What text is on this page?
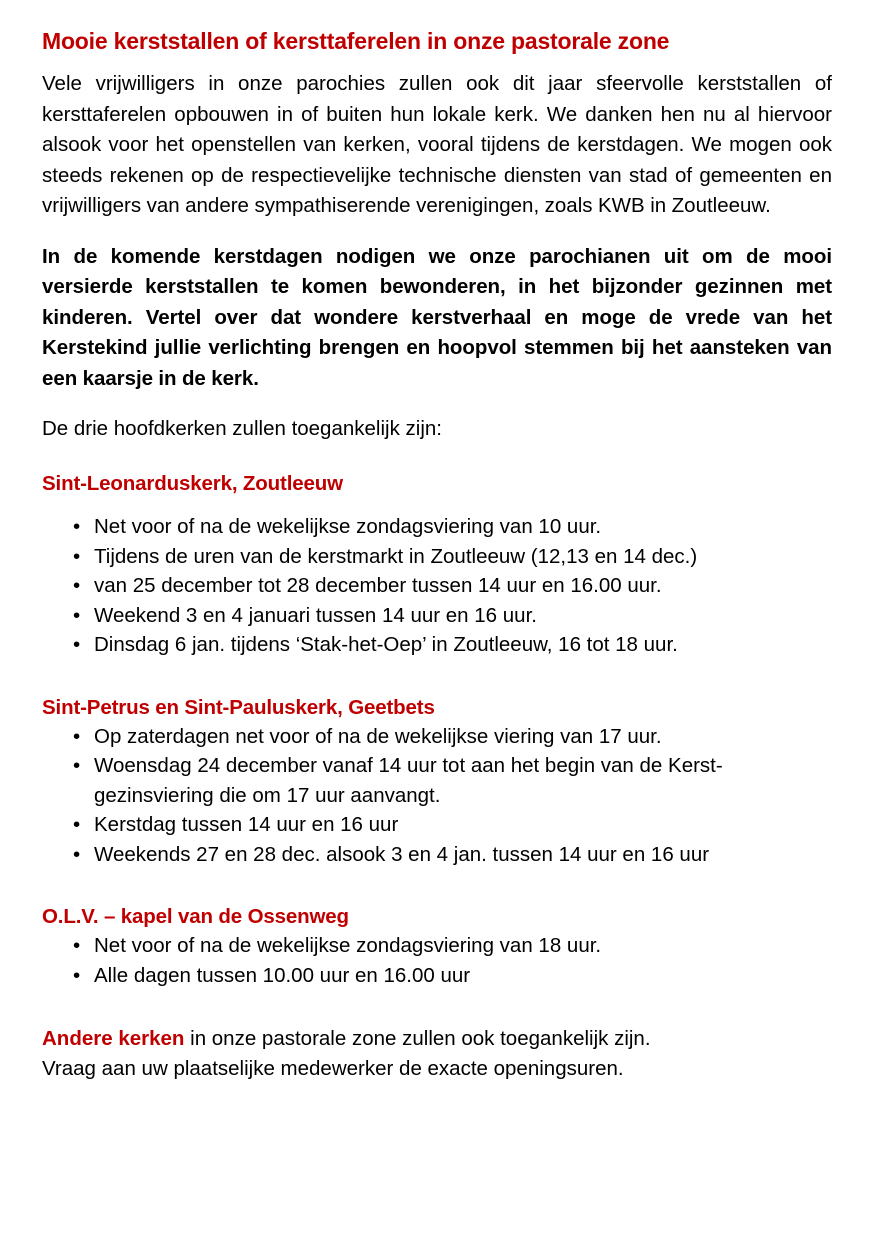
Mooie kerststallen of kersttaferelen in onze pastorale zone

Vele vrijwilligers in onze parochies zullen ook dit jaar sfeervolle kerststallen of kersttaferelen opbouwen in of buiten hun lokale kerk. We danken hen nu al hiervoor alsook voor het openstellen van kerken, vooral tijdens de kerstdagen. We mogen ook steeds rekenen op de respectievelijke technische diensten van stad of gemeenten en vrijwilligers van andere sympathiserende verenigingen, zoals KWB in Zoutleeuw.

In de komende kerstdagen nodigen we onze parochianen uit om de mooi versierde kerststallen te komen bewonderen, in het bijzonder gezinnen met kinderen. Vertel over dat wondere kerstverhaal en moge de vrede van het Kerstekind jullie verlichting brengen en hoopvol stemmen bij het aansteken van een kaarsje in de kerk.

De drie hoofdkerken zullen toegankelijk zijn:

Sint-Leonarduskerk, Zoutleeuw
• Net voor of na de wekelijkse zondagsviering van 10 uur.
• Tijdens de uren van de kerstmarkt in Zoutleeuw (12,13 en 14 dec.)
• van 25 december tot 28 december tussen 14 uur en 16.00 uur.
• Weekend 3 en 4 januari tussen 14 uur en 16 uur.
• Dinsdag 6 jan. tijdens ‘Stak-het-Oep’ in Zoutleeuw, 16 tot 18 uur.
Sint-Petrus en Sint-Pauluskerk, Geetbets
• Op zaterdagen net voor of na de wekelijkse viering van 17 uur.
• Woensdag 24 december vanaf 14 uur tot aan het begin van de Kerst-gezinsviering die om 17 uur aanvangt.
• Kerstdag tussen 14 uur en 16 uur
• Weekends 27 en 28 dec. alsook 3 en 4 jan. tussen 14 uur en 16 uur
O.L.V. – kapel van de Ossenweg
• Net voor of na de wekelijkse zondagsviering van 18 uur.
• Alle dagen tussen 10.00 uur en 16.00 uur
Andere kerken in onze pastorale zone zullen ook toegankelijk zijn.
Vraag aan uw plaatselijke medewerker de exacte openingsuren.
